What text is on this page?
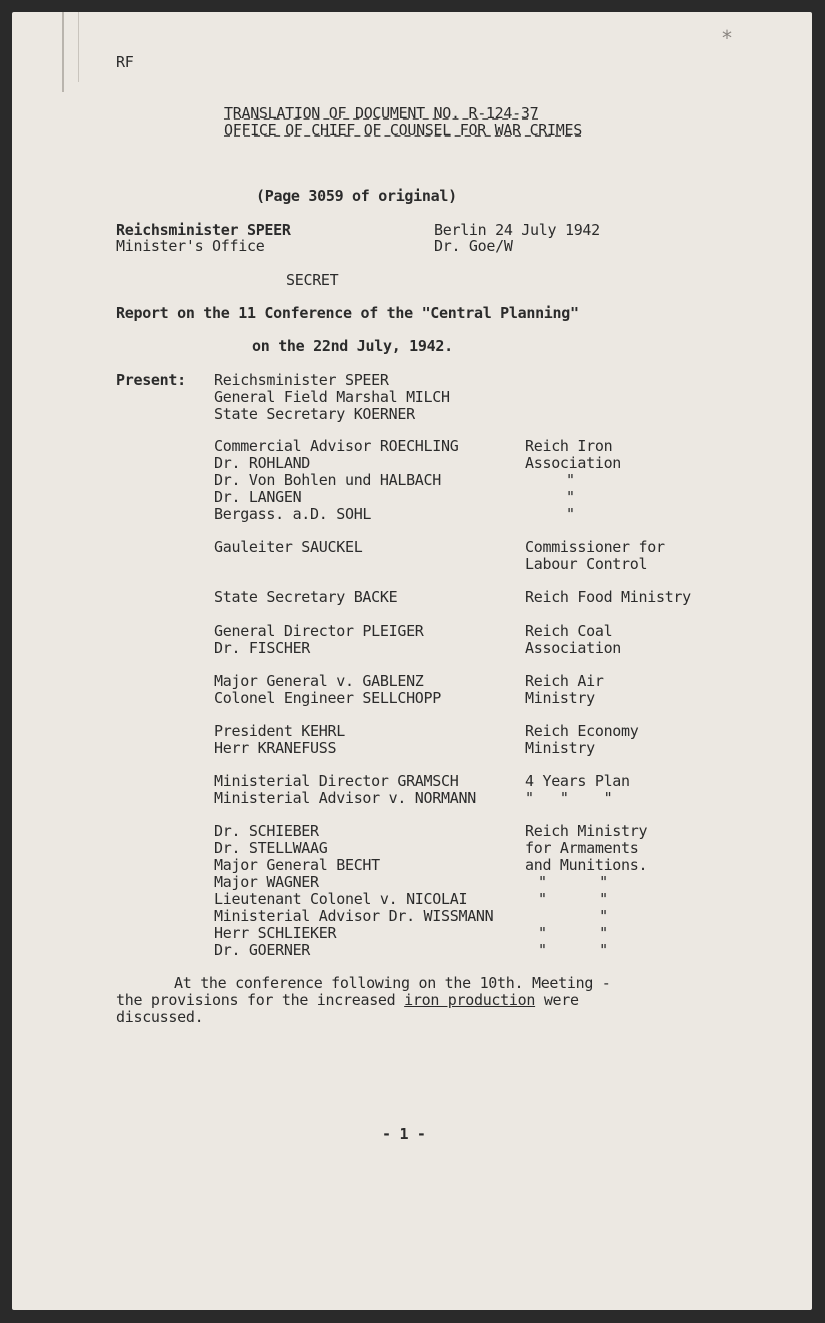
*
RF
TRANSLATION OF DOCUMENT NO. R-124-37
OFFICE OF CHIEF OF COUNSEL FOR WAR CRIMES
(Page 3059 of original)
Reichsminister SPEER
Minister's Office
Berlin 24 July 1942
Dr. Goe/W
SECRET
Report on the 11 Conference of the "Central Planning"
on the 22nd July, 1942.
Present: Reichsminister SPEER
General Field Marshal MILCH
State Secretary KOERNER
Commercial Advisor ROECHLING
Dr. ROHLAND
Dr. Von Bohlen und HALBACH
Dr. LANGEN
Bergass. a.D. SOHL
Reich Iron
Association
"
"
"
Gauleiter SAUCKEL	Commissioner for
Labour Control
State Secretary BACKE	Reich Food Ministry
General Director PLEIGER
Dr. FISCHER
Reich Coal
Association
Major General v. GABLENZ
Colonel Engineer SELLCHOPP
Reich Air
Ministry
President KEHRL
Herr KRANEFUSS
Reich Economy
Ministry
Ministerial Director GRAMSCH
Ministerial Advisor v. NORMANN
4 Years Plan
"   "    "
Dr. SCHIEBER
Dr. STELLWAAG
Major General BECHT
Major WAGNER
Lieutenant Colonel v. NICOLAI
Ministerial Advisor Dr. WISSMANN
Herr SCHLIEKER
Dr. GOERNER
Reich Ministry
for Armaments
and Munitions.
"      "
"      "
"
"      "
"      "
At the conference following on the 10th. Meeting -
the provisions for the increased iron production were
discussed.
- 1 -
